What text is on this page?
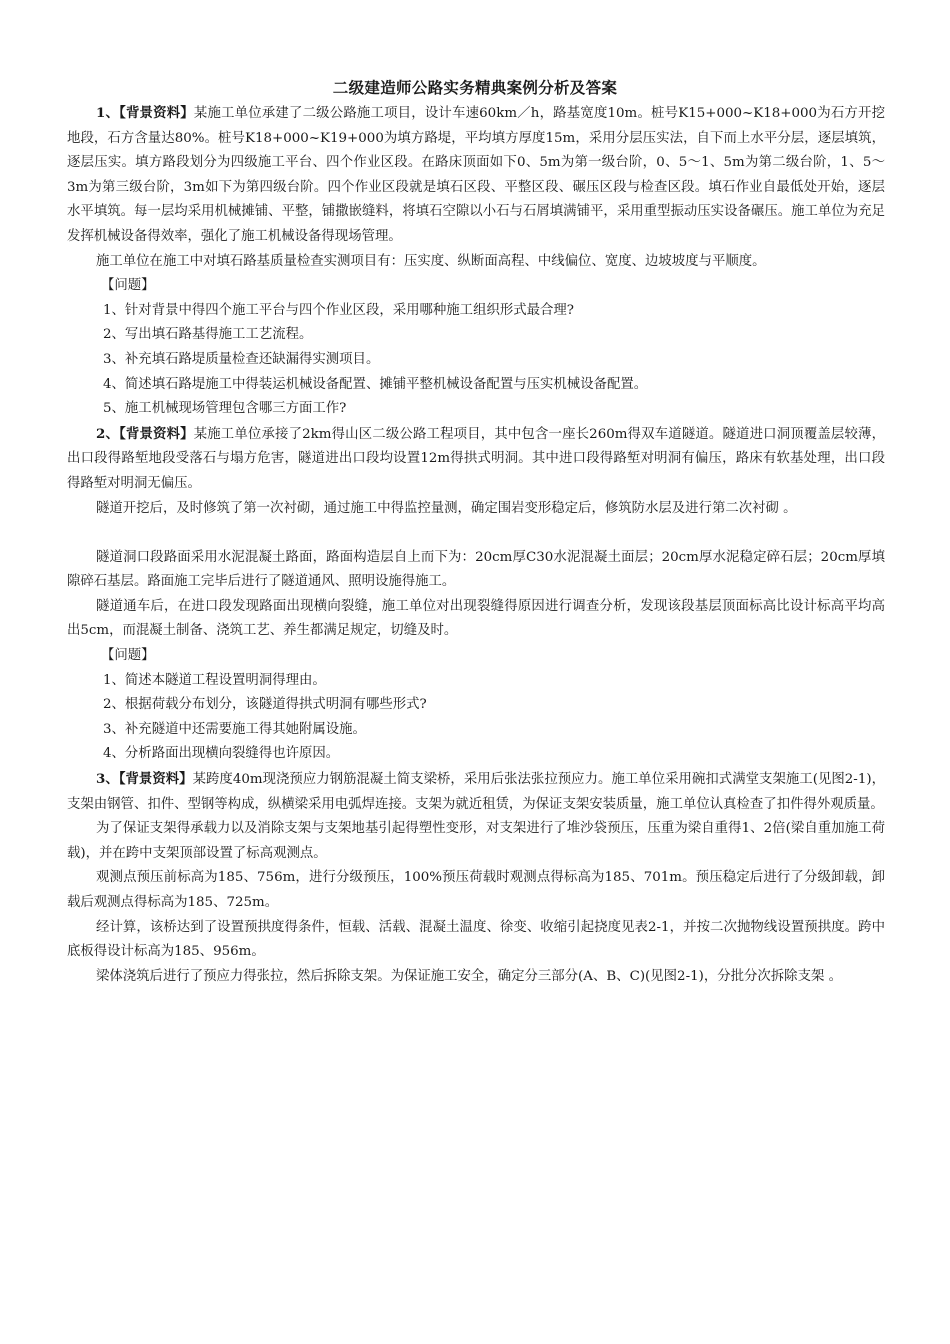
二级建造师公路实务精典案例分析及答案

1、【背景资料】某施工单位承建了二级公路施工项目，设计车速60km／h，路基宽度10m。桩号K15+000~K18+000为石方开挖地段，石方含量达80%。桩号K18+000~K19+000为填方路堤，平均填方厚度15m，采用分层压实法，自下而上水平分层，逐层填筑，逐层压实。填方路段划分为四级施工平台、四个作业区段。在路床顶面如下0、5m为第一级台阶，0、5～1、5m为第二级台阶，1、5～3m为第三级台阶，3m如下为第四级台阶。四个作业区段就是填石区段、平整区段、碾压区段与检查区段。填石作业自最低处开始，逐层水平填筑。每一层均采用机械摊铺、平整，铺撒嵌缝料，将填石空隙以小石与石屑填满铺平，采用重型振动压实设备碾压。施工单位为充足发挥机械设备得效率，强化了施工机械设备得现场管理。

施工单位在施工中对填石路基质量检查实测项目有：压实度、纵断面高程、中线偏位、宽度、边坡坡度与平顺度。

【问题】

1、针对背景中得四个施工平台与四个作业区段，采用哪种施工组织形式最合理?

2、写出填石路基得施工工艺流程。

3、补充填石路堤质量检查还缺漏得实测项目。

4、简述填石路堤施工中得装运机械设备配置、摊铺平整机械设备配置与压实机械设备配置。

5、施工机械现场管理包含哪三方面工作?

2、【背景资料】某施工单位承接了2km得山区二级公路工程项目，其中包含一座长260m得双车道隧道。隧道进口洞顶覆盖层较薄，出口段得路堑地段受落石与塌方危害，隧道进出口段均设置12m得拱式明洞。其中进口段得路堑对明洞有偏压，路床有软基处理，出口段得路堑对明洞无偏压。

隧道开挖后，及时修筑了第一次衬砌，通过施工中得监控量测，确定围岩变形稳定后，修筑防水层及进行第二次衬砌 。

隧道洞口段路面采用水泥混凝土路面，路面构造层自上而下为：20cm厚C30水泥混凝土面层；20cm厚水泥稳定碎石层；20cm厚填隙碎石基层。路面施工完毕后进行了隧道通风、照明设施得施工。

隧道通车后，在进口段发现路面出现横向裂缝，施工单位对出现裂缝得原因进行调查分析，发现该段基层顶面标高比设计标高平均高出5cm，而混凝土制备、浇筑工艺、养生都满足规定，切缝及时。

【问题】

1、简述本隧道工程设置明洞得理由。

2、根据荷载分布划分，该隧道得拱式明洞有哪些形式?

3、补充隧道中还需要施工得其她附属设施。

4、分析路面出现横向裂缝得也许原因。

3、【背景资料】某跨度40m现浇预应力钢筋混凝土简支梁桥，采用后张法张拉预应力。施工单位采用碗扣式满堂支架施工(见图2-1)，支架由钢管、扣件、型钢等构成，纵横梁采用电弧焊连接。支架为就近租赁，为保证支架安装质量，施工单位认真检查了扣件得外观质量。

为了保证支架得承载力以及消除支架与支架地基引起得塑性变形，对支架进行了堆沙袋预压，压重为梁自重得1、2倍(梁自重加施工荷载)，并在跨中支架顶部设置了标高观测点。

观测点预压前标高为185、756m，进行分级预压，100%预压荷载时观测点得标高为185、701m。预压稳定后进行了分级卸载，卸载后观测点得标高为185、725m。

经计算，该桥达到了设置预拱度得条件，恒载、活载、混凝土温度、徐变、收缩引起挠度见表2-1，并按二次抛物线设置预拱度。跨中底板得设计标高为185、956m。

梁体浇筑后进行了预应力得张拉，然后拆除支架。为保证施工安全，确定分三部分(A、B、C)(见图2-1)，分批分次拆除支架 。
